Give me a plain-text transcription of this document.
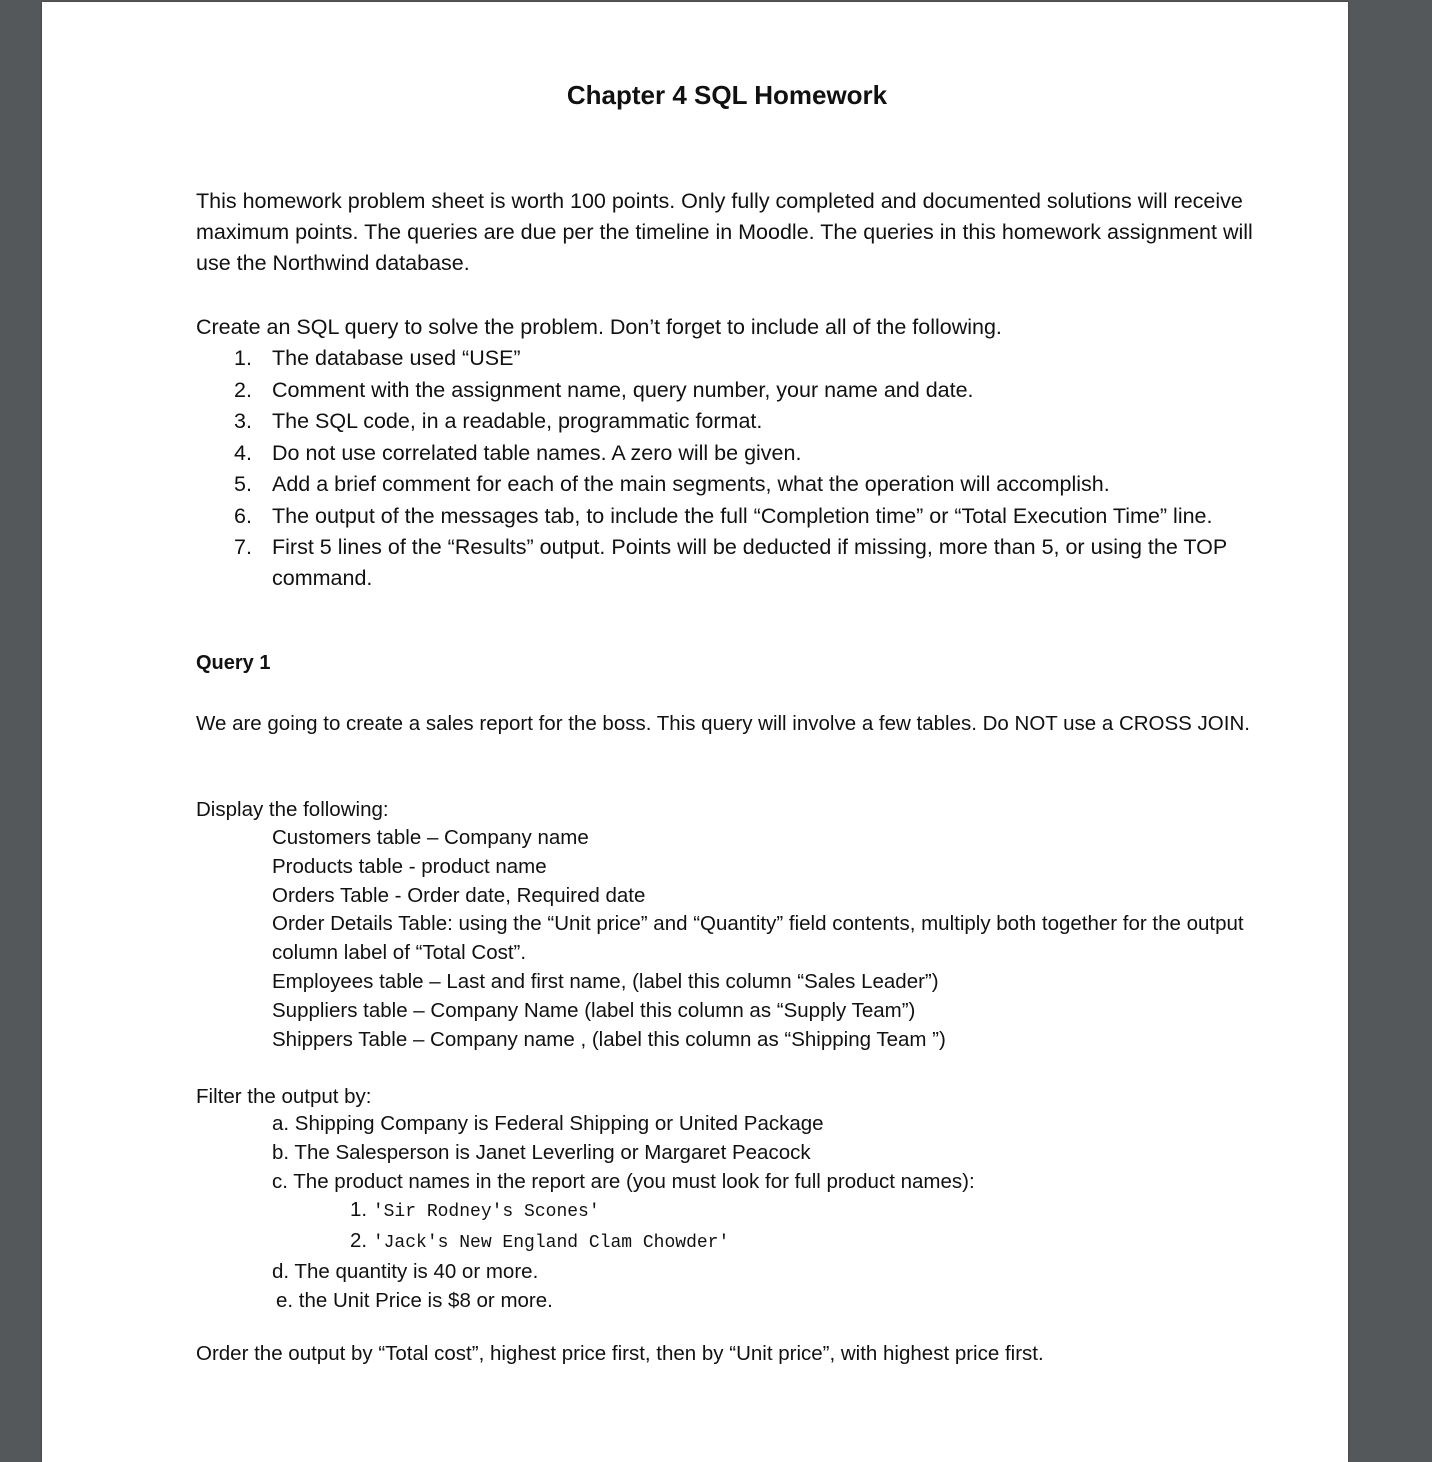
Chapter 4 SQL Homework
This homework problem sheet is worth 100 points. Only fully completed and documented solutions will receive maximum points. The queries are due per the timeline in Moodle. The queries in this homework assignment will use the Northwind database.
Create an SQL query to solve the problem. Don’t forget to include all of the following.
1. The database used “USE”
2. Comment with the assignment name, query number, your name and date.
3. The SQL code, in a readable, programmatic format.
4. Do not use correlated table names. A zero will be given.
5. Add a brief comment for each of the main segments, what the operation will accomplish.
6. The output of the messages tab, to include the full “Completion time” or “Total Execution Time” line.
7. First 5 lines of the “Results” output. Points will be deducted if missing, more than 5, or using the TOP command.
Query 1
We are going to create a sales report for the boss. This query will involve a few tables. Do NOT use a CROSS JOIN.
Display the following:
Customers table – Company name
Products table - product name
Orders Table - Order date, Required date
Order Details Table: using the “Unit price” and “Quantity” field contents, multiply both together for the output column label of “Total Cost”.
Employees table – Last and first name, (label this column “Sales Leader”)
Suppliers table – Company Name (label this column as “Supply Team”)
Shippers Table – Company name , (label this column as “Shipping Team ”)
Filter the output by:
a. Shipping Company is Federal Shipping or United Package
b. The Salesperson is Janet Leverling or Margaret Peacock
c. The product names in the report are (you must look for full product names):
1. 'Sir Rodney's Scones'
2. 'Jack's New England Clam Chowder'
d. The quantity is 40 or more.
e. the Unit Price is $8 or more.
Order the output by “Total cost”, highest price first, then by “Unit price”, with highest price first.
